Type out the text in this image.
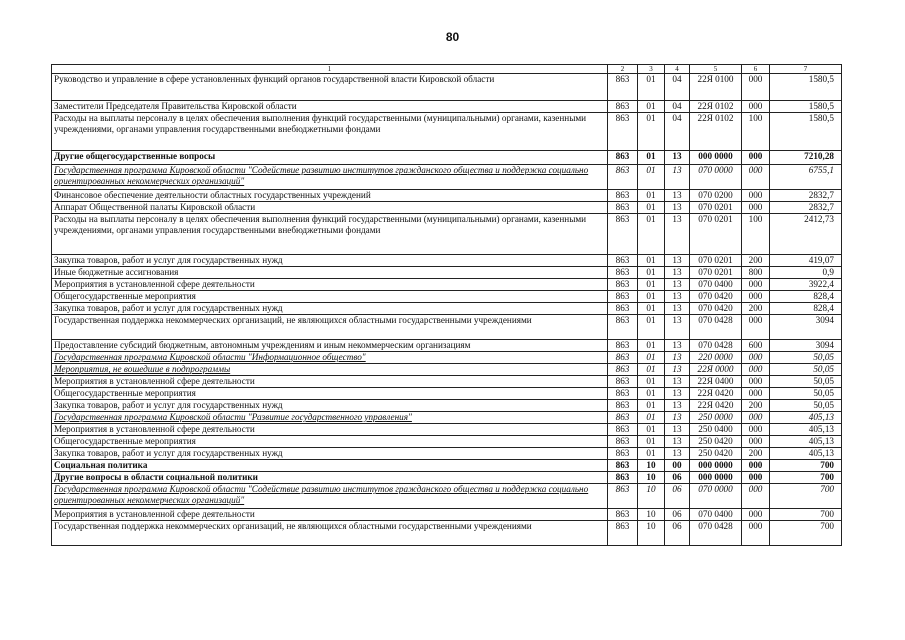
80
1	2	3	4	5	6	7
Руководство и управление в сфере установленных функций органов государственной власти Кировской области	863	01	04	22Я 0100	000	1580,5
Заместители Председателя Правительства Кировской области	863	01	04	22Я 0102	000	1580,5
Расходы на выплаты персоналу в целях обеспечения выполнения функций государственными (муниципальными) органами, казенными учреждениями, органами управления государственными внебюджетными фондами	863	01	04	22Я 0102	100	1580,5
Другие общегосударственные вопросы	863	01	13	000 0000	000	7210,28
Государственная программа Кировской области "Содействие развитию институтов гражданского общества и поддержка социально ориентированных некоммерческих организаций"	863	01	13	070 0000	000	6755,1
Финансовое обеспечение деятельности областных государственных учреждений	863	01	13	070 0200	000	2832,7
Аппарат Общественной палаты Кировской области	863	01	13	070 0201	000	2832,7
Расходы на выплаты персоналу в целях обеспечения выполнения функций государственными (муниципальными) органами, казенными учреждениями, органами управления государственными внебюджетными фондами	863	01	13	070 0201	100	2412,73
Закупка товаров, работ и услуг для государственных нужд	863	01	13	070 0201	200	419,07
Иные бюджетные ассигнования	863	01	13	070 0201	800	0,9
Мероприятия в установленной сфере деятельности	863	01	13	070 0400	000	3922,4
Общегосударственные мероприятия	863	01	13	070 0420	000	828,4
Закупка товаров, работ и услуг для государственных нужд	863	01	13	070 0420	200	828,4
Государственная поддержка некоммерческих организаций, не являющихся областными государственными учреждениями	863	01	13	070 0428	000	3094
Предоставление субсидий бюджетным, автономным учреждениям и иным некоммерческим организациям	863	01	13	070 0428	600	3094
Государственная программа Кировской области "Информационное общество"	863	01	13	220 0000	000	50,05
Мероприятия, не вошедшие в подпрограммы	863	01	13	22Я 0000	000	50,05
Мероприятия в установленной сфере деятельности	863	01	13	22Я 0400	000	50,05
Общегосударственные мероприятия	863	01	13	22Я 0420	000	50,05
Закупка товаров, работ и услуг для государственных нужд	863	01	13	22Я 0420	200	50,05
Государственная программа Кировской области "Развитие государственного управления"	863	01	13	250 0000	000	405,13
Мероприятия в установленной сфере деятельности	863	01	13	250 0400	000	405,13
Общегосударственные мероприятия	863	01	13	250 0420	000	405,13
Закупка товаров, работ и услуг для государственных нужд	863	01	13	250 0420	200	405,13
Социальная политика	863	10	00	000 0000	000	700
Другие вопросы в области социальной политики	863	10	06	000 0000	000	700
Государственная программа Кировской области "Содействие развитию институтов гражданского общества и поддержка социально ориентированных некоммерческих организаций"	863	10	06	070 0000	000	700
Мероприятия в установленной сфере деятельности	863	10	06	070 0400	000	700
Государственная поддержка некоммерческих организаций, не являющихся областными государственными учреждениями	863	10	06	070 0428	000	700
